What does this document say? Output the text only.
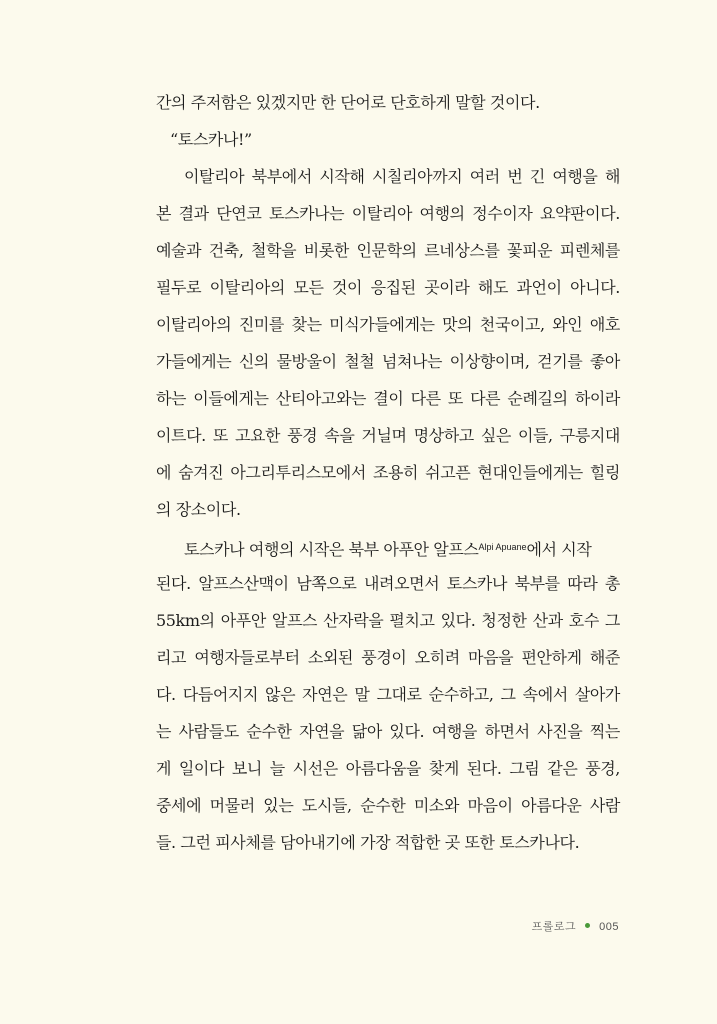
간의 주저함은 있겠지만 한 단어로 단호하게 말할 것이다.
“토스카나!”
이탈리아 북부에서 시작해 시칠리아까지 여러 번 긴 여행을 해
본 결과 단연코 토스카나는 이탈리아 여행의 정수이자 요약판이다.
예술과 건축, 철학을 비롯한 인문학의 르네상스를 꽃피운 피렌체를
필두로 이탈리아의 모든 것이 응집된 곳이라 해도 과언이 아니다.
이탈리아의 진미를 찾는 미식가들에게는 맛의 천국이고, 와인 애호
가들에게는 신의 물방울이 철철 넘쳐나는 이상향이며, 걷기를 좋아
하는 이들에게는 산티아고와는 결이 다른 또 다른 순례길의 하이라
이트다. 또 고요한 풍경 속을 거닐며 명상하고 싶은 이들, 구릉지대
에 숨겨진 아그리투리스모에서 조용히 쉬고픈 현대인들에게는 힐링
의 장소이다.
토스카나 여행의 시작은 북부 아푸안 알프스$^{Alpi Apuane}$에서 시작
된다. 알프스산맥이 남쪽으로 내려오면서 토스카나 북부를 따라 총
55km의 아푸안 알프스 산자락을 펼치고 있다. 청정한 산과 호수 그
리고 여행자들로부터 소외된 풍경이 오히려 마음을 편안하게 해준
다. 다듬어지지 않은 자연은 말 그대로 순수하고, 그 속에서 살아가
는 사람들도 순수한 자연을 닮아 있다. 여행을 하면서 사진을 찍는
게 일이다 보니 늘 시선은 아름다움을 찾게 된다. 그림 같은 풍경,
중세에 머물러 있는 도시들, 순수한 미소와 마음이 아름다운 사람
들. 그런 피사체를 담아내기에 가장 적합한 곳 또한 토스카나다.
프롤로그 005
